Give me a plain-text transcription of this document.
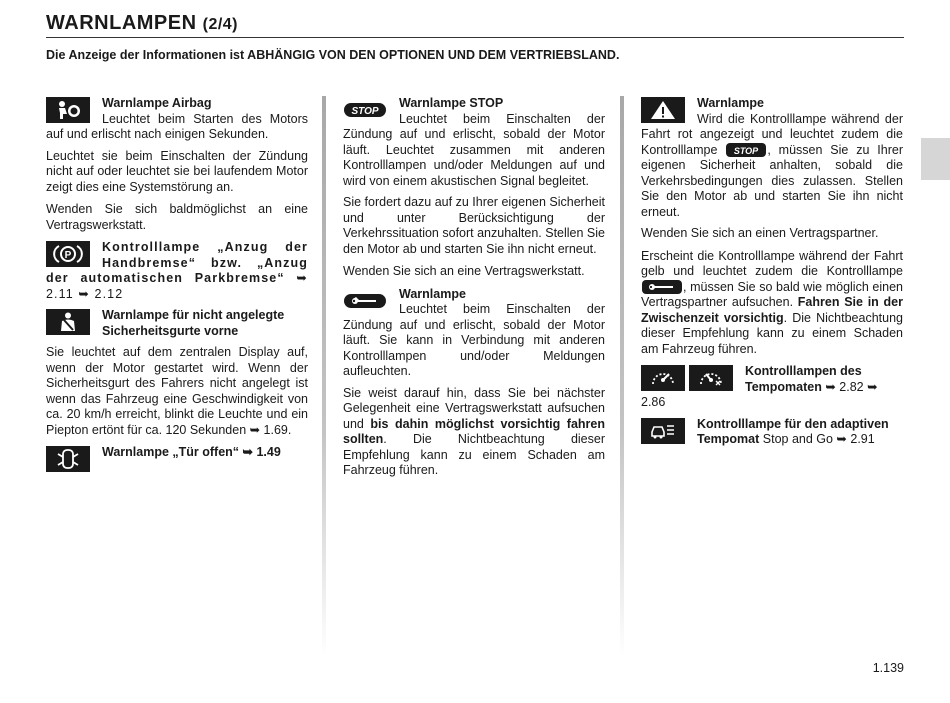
WARNLAMPEN (2/4)

Die Anzeige der Informationen ist ABHÄNGIG VON DEN OPTIONEN UND DEM VERTRIEBSLAND.

Warnlampe Airbag
Leuchtet beim Starten des Motors auf und erlischt nach einigen Sekunden.

Leuchtet sie beim Einschalten der Zündung nicht auf oder leuchtet sie bei laufendem Motor zeigt dies eine Systemstörung an.

Wenden Sie sich baldmöglichst an eine Vertragswerkstatt.

P
Kontrolllampe „Anzug der Handbremse“ bzw. „Anzug der automatischen Parkbremse“ ➥ 2.11 ➥ 2.12
Warnlampe für nicht angelegte Sicherheitsgurte vorne

Sie leuchtet auf dem zentralen Display auf, wenn der Motor gestartet wird. Wenn der Sicherheitsgurt des Fahrers nicht angelegt ist wenn das Fahrzeug eine Geschwindigkeit von ca. 20 km/h erreicht, blinkt die Leuchte und ein Piepton ertönt für ca. 120 Sekunden ➥ 1.69.

Warnlampe „Tür offen“ ➥ 1.49
STOP
Warnlampe STOP
Leuchtet beim Einschalten der Zündung auf und erlischt, sobald der Motor läuft. Leuchtet zusammen mit anderen Kontrolllampen und/oder Meldungen auf und wird von einem akustischen Signal begleitet.

Sie fordert dazu auf zu Ihrer eigenen Sicherheit und unter Berücksichtigung der Verkehrssituation sofort anzuhalten. Stellen Sie den Motor ab und starten Sie ihn nicht erneut.

Wenden Sie sich an eine Vertragswerkstatt.

Warnlampe
Leuchtet beim Einschalten der Zündung auf und erlischt, sobald der Motor läuft. Sie kann in Verbindung mit anderen Kontrolllampen und/oder Meldungen aufleuchten.

Sie weist darauf hin, dass Sie bei nächster Gelegenheit eine Vertragswerkstatt aufsuchen und bis dahin möglichst vorsichtig fahren sollten. Die Nichtbeachtung dieser Empfehlung kann zu einem Schaden am Fahrzeug führen.

Warnlampe
Wird die Kontrolllampe während der Fahrt rot angezeigt und leuchtet zudem die Kontrolllampe STOP , müssen Sie zu Ihrer eigenen Sicherheit anhalten, sobald die Verkehrsbedingungen dies zulassen. Stellen Sie den Motor ab und starten Sie ihn nicht erneut.

Wenden Sie sich an einen Vertragspartner.

Erscheint die Kontrolllampe während der Fahrt gelb und leuchtet zudem die Kontrolllampe
, müssen Sie so bald wie möglich einen Vertragspartner aufsuchen. Fahren Sie in der Zwischenzeit vorsichtig. Die Nichtbeachtung dieser Empfehlung kann zu einem Schaden am Fahrzeug führen.

Kontrolllampen des Tempomaten ➥ 2.82 ➥ 2.86
Kontrolllampe für den adaptiven Tempomat Stop and Go ➥ 2.91

1.139
